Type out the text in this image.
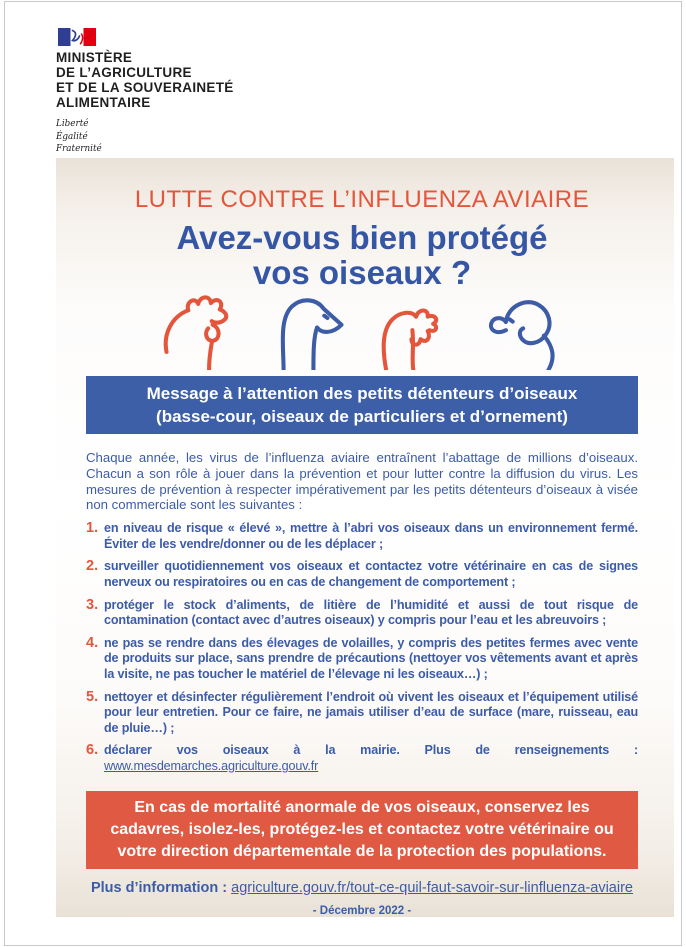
MINISTÈRE
DE L’AGRICULTURE
ET DE LA SOUVERAINETÉ
ALIMENTAIRE
Liberté
Égalité
Fraternité
LUTTE CONTRE L’INFLUENZA AVIAIRE
Avez-vous bien protégé
vos oiseaux ?
Message à l’attention des petits détenteurs d’oiseaux
(basse-cour, oiseaux de particuliers et d’ornement)

Chaque année, les virus de l’influenza aviaire entraînent l’abattage de millions d’oiseaux. Chacun a son rôle à jouer dans la prévention et pour lutter contre la diffusion du virus. Les mesures de prévention à respecter impérativement par les petits détenteurs d’oiseaux à visée non commerciale sont les suivantes :

1. en niveau de risque « élevé », mettre à l’abri vos oiseaux dans un environnement fermé. Éviter de les vendre/donner ou de les déplacer ;
2. surveiller quotidiennement vos oiseaux et contactez votre vétérinaire en cas de signes nerveux ou respiratoires ou en cas de changement de comportement ;
3. protéger le stock d’aliments, de litière de l’humidité et aussi de tout risque de contamination (contact avec d’autres oiseaux) y compris pour l’eau et les abreuvoirs ;
4. ne pas se rendre dans des élevages de volailles, y compris des petites fermes avec vente de produits sur place, sans prendre de précautions (nettoyer vos vêtements avant et après la visite, ne pas toucher le matériel de l’élevage ni les oiseaux…) ;
5. nettoyer et désinfecter régulièrement l’endroit où vivent les oiseaux et l’équipement utilisé pour leur entretien. Pour ce faire, ne jamais utiliser d’eau de surface (mare, ruisseau, eau de pluie…) ;
6. déclarer vos oiseaux à la mairie. Plus de renseignements : www.mesdemarches.agriculture.gouv.fr
En cas de mortalité anormale de vos oiseaux, conservez les cadavres, isolez-les, protégez-les et contactez votre vétérinaire ou votre direction départementale de la protection des populations.

Plus d’information : agriculture.gouv.fr/tout-ce-quil-faut-savoir-sur-linfluenza-aviaire

- Décembre 2022 -
